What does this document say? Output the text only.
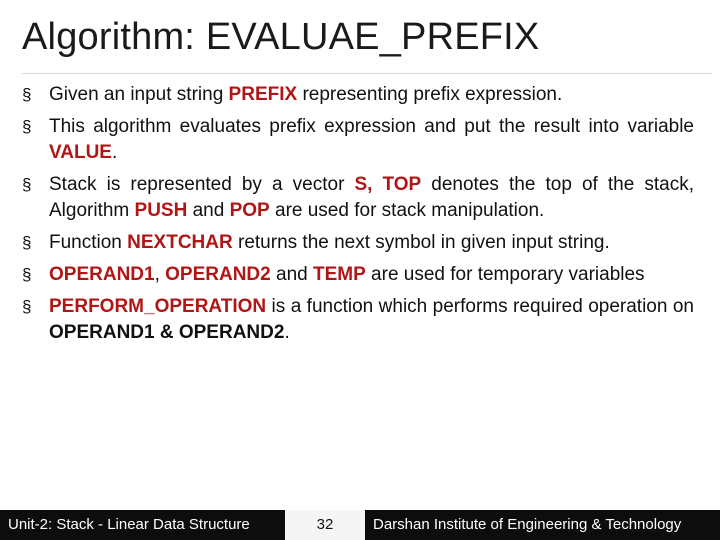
Algorithm: EVALUAE_PREFIX
§ Given an input string PREFIX representing prefix expression.
§ This algorithm evaluates prefix expression and put the result into variable VALUE.
§ Stack is represented by a vector S, TOP denotes the top of the stack, Algorithm PUSH and POP are used for stack manipulation.
§ Function NEXTCHAR returns the next symbol in given input string.
§ OPERAND1, OPERAND2 and TEMP are used for temporary variables
§ PERFORM_OPERATION is a function which performs required operation on OPERAND1 & OPERAND2.
Unit-2: Stack - Linear Data Structure	32	Darshan Institute of Engineering & Technology
